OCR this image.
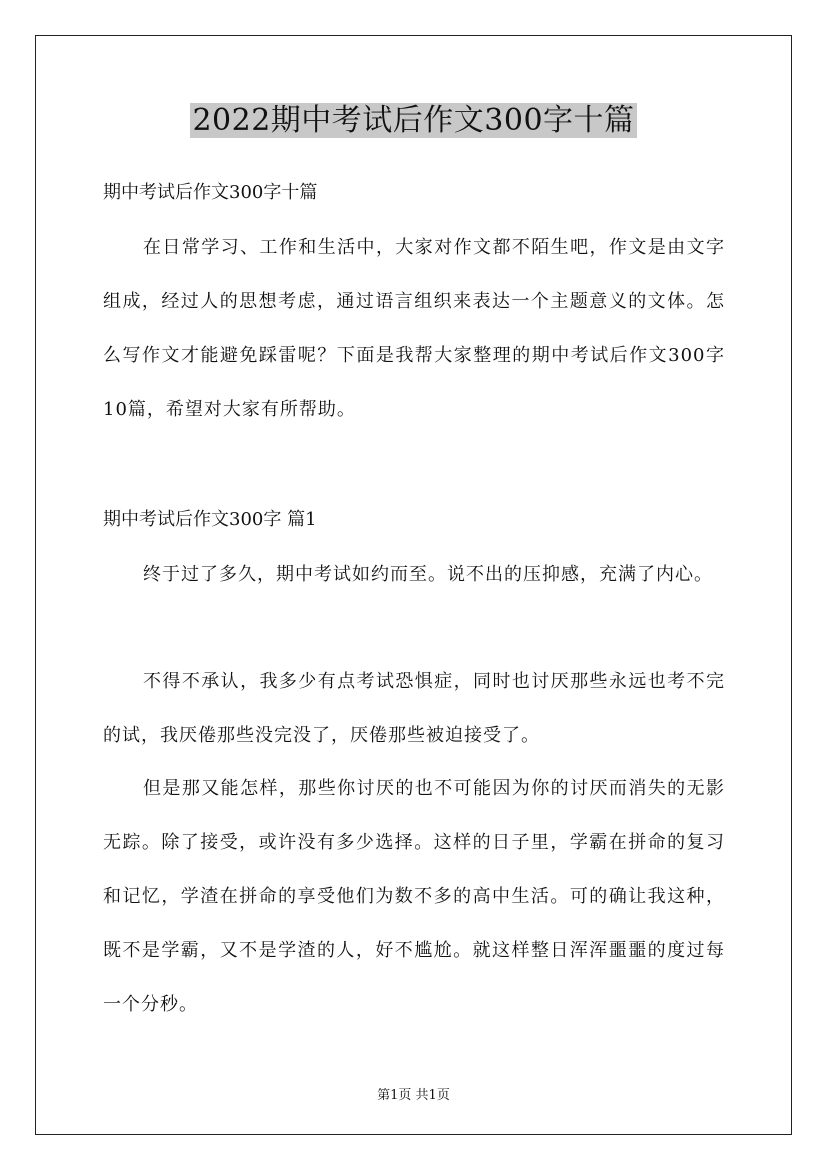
2022期中考试后作文300字十篇
期中考试后作文300字十篇
在日常学习、工作和生活中，大家对作文都不陌生吧，作文是由文字组成，经过人的思想考虑，通过语言组织来表达一个主题意义的文体。怎么写作文才能避免踩雷呢？下面是我帮大家整理的期中考试后作文300字10篇，希望对大家有所帮助。
期中考试后作文300字 篇1
终于过了多久，期中考试如约而至。说不出的压抑感，充满了内心。
不得不承认，我多少有点考试恐惧症，同时也讨厌那些永远也考不完的试，我厌倦那些没完没了，厌倦那些被迫接受了。
但是那又能怎样，那些你讨厌的也不可能因为你的讨厌而消失的无影无踪。除了接受，或许没有多少选择。这样的日子里，学霸在拼命的复习和记忆，学渣在拼命的享受他们为数不多的高中生活。可的确让我这种，既不是学霸，又不是学渣的人，好不尴尬。就这样整日浑浑噩噩的度过每一个分秒。
第1页 共1页
